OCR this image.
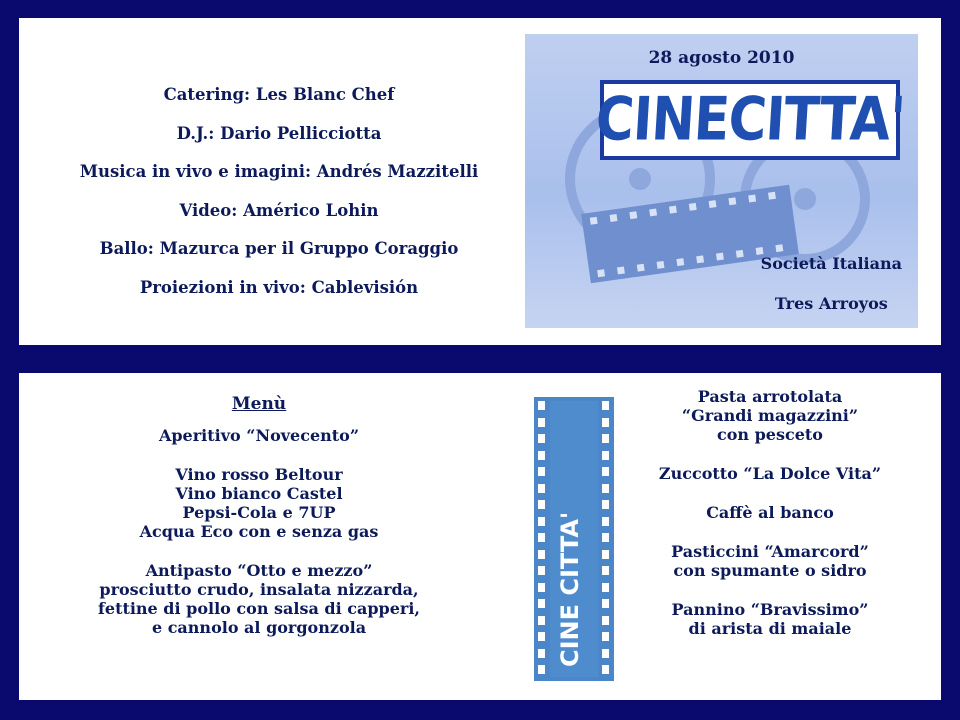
Catering: Les Blanc Chef
D.J.: Dario Pellicciotta
Musica in vivo e imagini: Andrés Mazzitelli
Video: Américo Lohin
Ballo: Mazurca per il Gruppo Coraggio
Proiezioni in vivo: Cablevisión
28 agosto 2010
CINECITTA'
Società Italiana
Tres Arroyos
Menù
Aperitivo “Novecento”
Vino rosso Beltour
Vino bianco Castel
Pepsi-Cola e 7UP
Acqua Eco con e senza gas
Antipasto “Otto e mezzo”
prosciutto crudo, insalata nizzarda,
fettine di pollo con salsa di capperi,
e cannolo al gorgonzola
Pasta arrotolata
“Grandi magazzini”
con pesceto
Zuccotto “La Dolce Vita”
Caffè al banco
Pasticcini “Amarcord”
con spumante o sidro
Pannino “Bravissimo”
di arista di maiale
